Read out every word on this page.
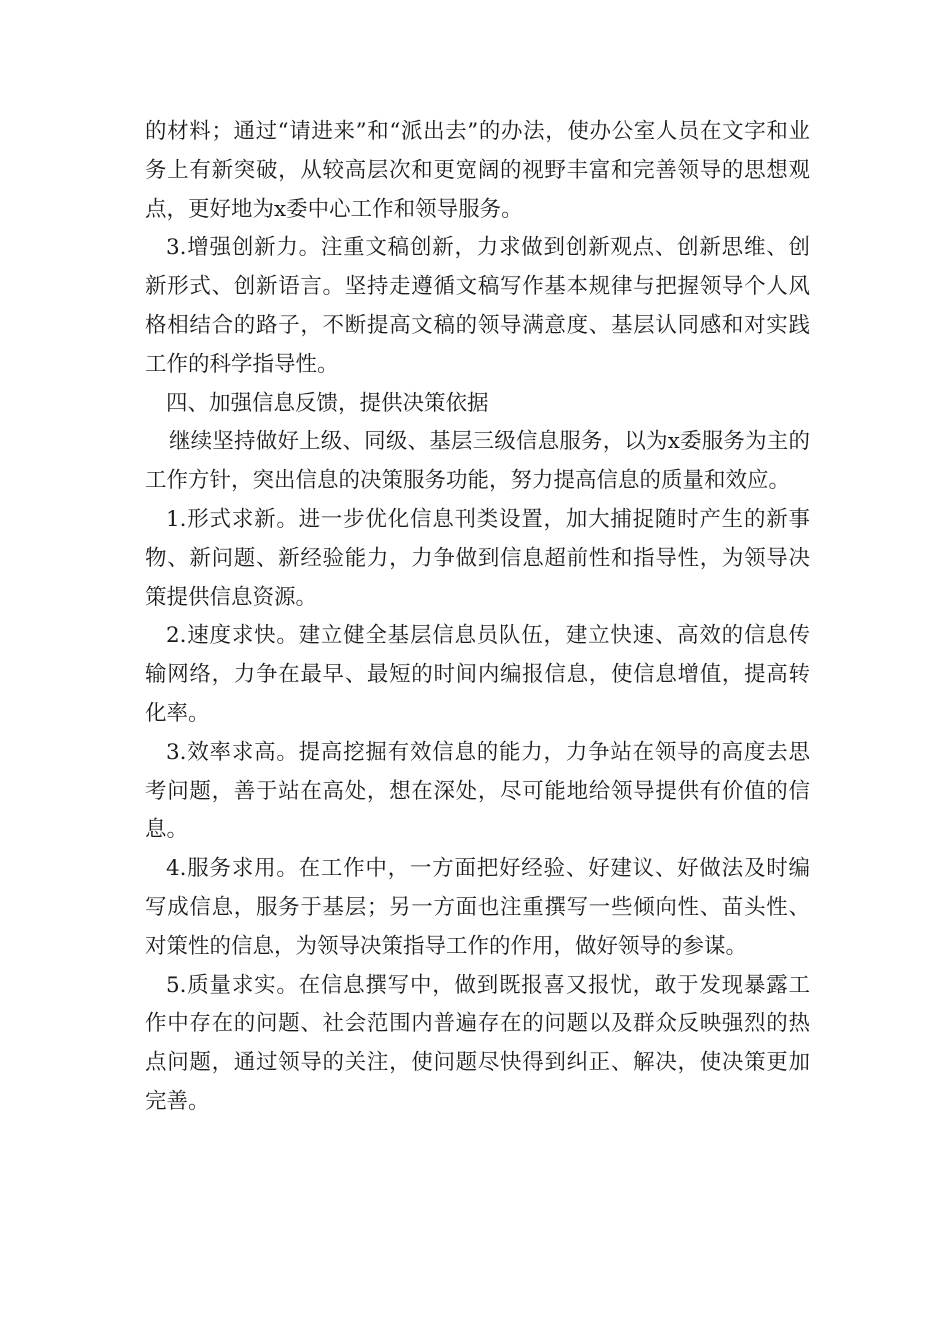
的材料；通过“请进来”和“派出去”的办法，使办公室人员在文字和业务上有新突破，从较高层次和更宽阔的视野丰富和完善领导的思想观点，更好地为x委中心工作和领导服务。

3.增强创新力。注重文稿创新，力求做到创新观点、创新思维、创新形式、创新语言。坚持走遵循文稿写作基本规律与把握领导个人风格相结合的路子，不断提高文稿的领导满意度、基层认同感和对实践工作的科学指导性。

四、加强信息反馈，提供决策依据

继续坚持做好上级、同级、基层三级信息服务，以为x委服务为主的工作方针，突出信息的决策服务功能，努力提高信息的质量和效应。

1.形式求新。进一步优化信息刊类设置，加大捕捉随时产生的新事物、新问题、新经验能力，力争做到信息超前性和指导性，为领导决策提供信息资源。

2.速度求快。建立健全基层信息员队伍，建立快速、高效的信息传输网络，力争在最早、最短的时间内编报信息，使信息增值，提高转化率。

3.效率求高。提高挖掘有效信息的能力，力争站在领导的高度去思考问题，善于站在高处，想在深处，尽可能地给领导提供有价值的信息。

4.服务求用。在工作中，一方面把好经验、好建议、好做法及时编写成信息，服务于基层；另一方面也注重撰写一些倾向性、苗头性、对策性的信息，为领导决策指导工作的作用，做好领导的参谋。

5.质量求实。在信息撰写中，做到既报喜又报忧，敢于发现暴露工作中存在的问题、社会范围内普遍存在的问题以及群众反映强烈的热点问题，通过领导的关注，使问题尽快得到纠正、解决，使决策更加完善。
